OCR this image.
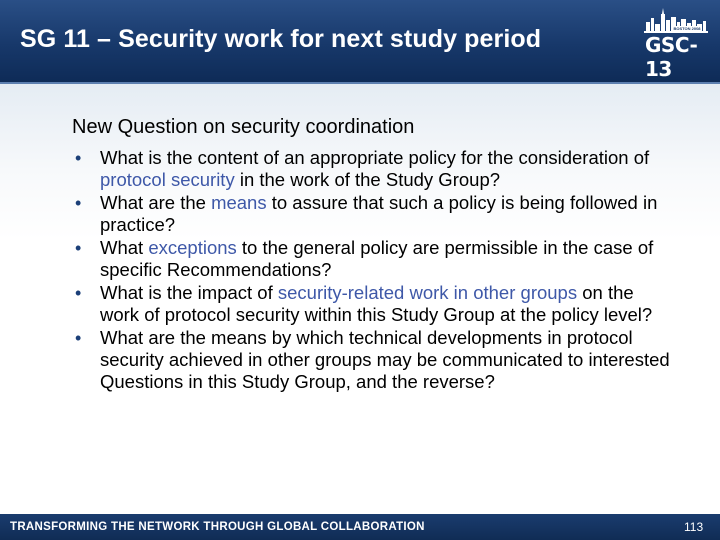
SG 11 – Security work for next study period	BOSTON 2008
GSC-13
New Question on security coordination
• What is the content of an appropriate policy for the consideration of protocol security in the work of the Study Group?
• What are the means to assure that such a policy is being followed in practice?
• What exceptions to the general policy are permissible in the case of specific Recommendations?
• What is the impact of security-related work in other groups on the work of protocol security within this Study Group at the policy level?
• What are the means by which technical developments in protocol security achieved in other groups may be communicated to interested Questions in this Study Group, and the reverse?
TRANSFORMING THE NETWORK THROUGH GLOBAL COLLABORATION	113
